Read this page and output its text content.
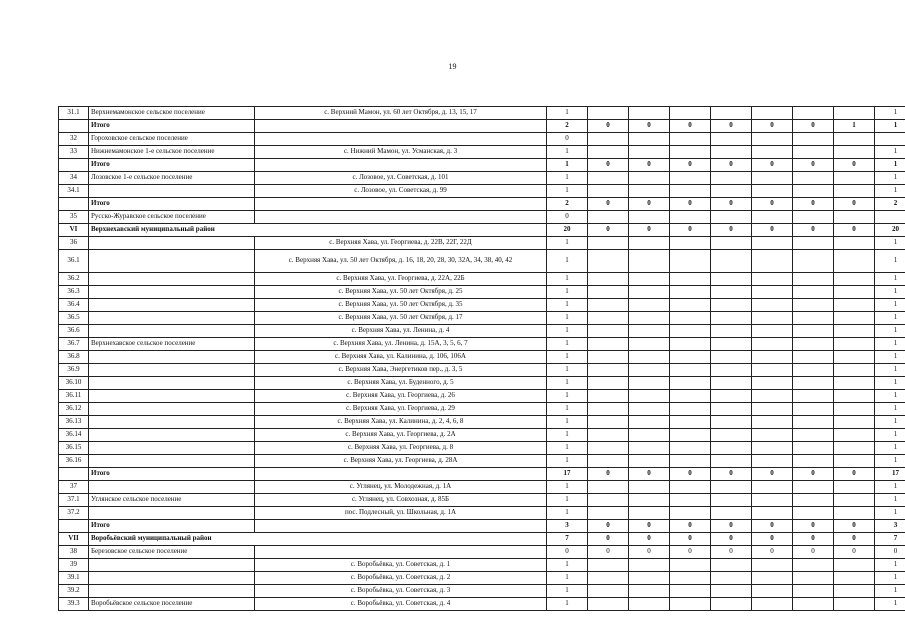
19
31.1	Верхнемамонское сельское поселение	с. Верхний Мамон, ул. 60 лет Октября, д. 13, 15, 17	1								1
	Итого		2	0	0	0	0	0	0	1	1
32	Гороховское сельское поселение		0								
33	Нижнемамонское 1-е сельское поселение	с. Нижний Мамон, ул. Усманская, д. 3	1								1
	Итого		1	0	0	0	0	0	0	0	1
34	Лозовское 1-е сельское поселение	с. Лозовое, ул. Советская, д. 101	1								1
34.1		с. Лозовое, ул. Советская, д. 99	1								1
	Итого		2	0	0	0	0	0	0	0	2
35	Русско-Журавское сельское поселение		0								
VI	Верхнехавский муниципальный район		20	0	0	0	0	0	0	0	20
36		с. Верхняя Хава, ул. Георгиева, д. 22В, 22Г, 22Д	1								1
36.1		с. Верхняя Хава, ул. 50 лет Октября, д. 16, 18, 20, 28, 30, 32А, 34, 38, 40, 42	1								1
36.2		с. Верхняя Хава, ул. Георгиева, д. 22А, 22Б	1								1
36.3		с. Верхняя Хава, ул. 50 лет Октября, д. 25	1								1
36.4		с. Верхняя Хава, ул. 50 лет Октября, д. 35	1								1
36.5		с. Верхняя Хава, ул. 50 лет Октября, д. 17	1								1
36.6		с. Верхняя Хава, ул. Ленина, д. 4	1								1
36.7	Верхнехавское сельское поселение	с. Верхняя Хава, ул. Ленина, д. 15А, 3, 5, 6, 7	1								1
36.8		с. Верхняя Хава, ул. Калинина, д. 106, 106А	1								1
36.9		с. Верхняя Хава, Энергетиков пер., д. 3, 5	1								1
36.10		с. Верхняя Хава, ул. Буденного, д. 5	1								1
36.11		с. Верхняя Хава, ул. Георгиева, д. 26	1								1
36.12		с. Верхняя Хава, ул. Георгиева, д. 29	1								1
36.13		с. Верхняя Хава, ул. Калинина, д. 2, 4, 6, 8	1								1
36.14		с. Верхняя Хава, ул. Георгиева, д. 2А	1								1
36.15		с. Верхняя Хава, ул. Георгиева, д. 8	1								1
36.16		с. Верхняя Хава, ул. Георгиева, д. 28А	1								1
	Итого		17	0	0	0	0	0	0	0	17
37		с. Углянец, ул. Молодежная, д. 1А	1								1
37.1	Углянское сельское поселение	с. Углянец, ул. Совхозная, д. 85Б	1								1
37.2		пос. Подлесный, ул. Школьная, д. 1А	1								1
	Итого		3	0	0	0	0	0	0	0	3
VII	Воробьёвский муниципальный район		7	0	0	0	0	0	0	0	7
38	Березовское сельское поселение		0	0	0	0	0	0	0	0	0
39		с. Воробьёвка, ул. Советская, д. 1	1								1
39.1		с. Воробьёвка, ул. Советская, д. 2	1								1
39.2		с. Воробьёвка, ул. Советская, д. 3	1								1
39.3	Воробьёвское сельское поселение	с. Воробьёвка, ул. Советская, д. 4	1								1
